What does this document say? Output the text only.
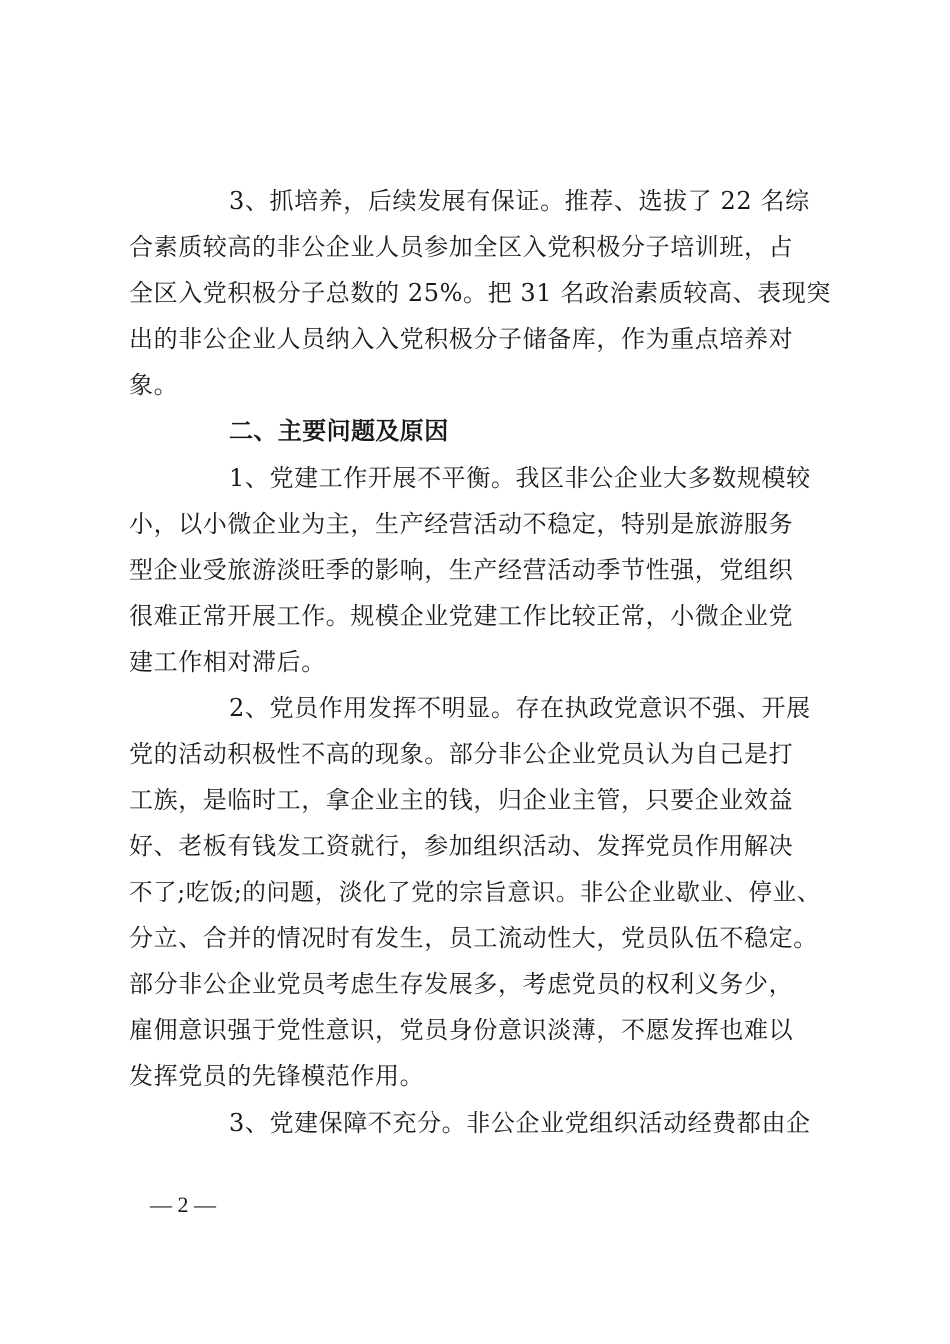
3、抓培养，后续发展有保证。推荐、选拔了 22 名综
合素质较高的非公企业人员参加全区入党积极分子培训班，占
全区入党积极分子总数的 25%。把 31 名政治素质较高、表现突
出的非公企业人员纳入入党积极分子储备库，作为重点培养对
象。
二、主要问题及原因
1、党建工作开展不平衡。我区非公企业大多数规模较
小，以小微企业为主，生产经营活动不稳定，特别是旅游服务
型企业受旅游淡旺季的影响，生产经营活动季节性强，党组织
很难正常开展工作。规模企业党建工作比较正常，小微企业党
建工作相对滞后。
2、党员作用发挥不明显。存在执政党意识不强、开展
党的活动积极性不高的现象。部分非公企业党员认为自己是打
工族，是临时工，拿企业主的钱，归企业主管，只要企业效益
好、老板有钱发工资就行，参加组织活动、发挥党员作用解决
不了;吃饭;的问题，淡化了党的宗旨意识。非公企业歇业、停业、
分立、合并的情况时有发生，员工流动性大，党员队伍不稳定。
部分非公企业党员考虑生存发展多，考虑党员的权利义务少，
雇佣意识强于党性意识，党员身份意识淡薄，不愿发挥也难以
发挥党员的先锋模范作用。
3、党建保障不充分。非公企业党组织活动经费都由企
— 2 —
